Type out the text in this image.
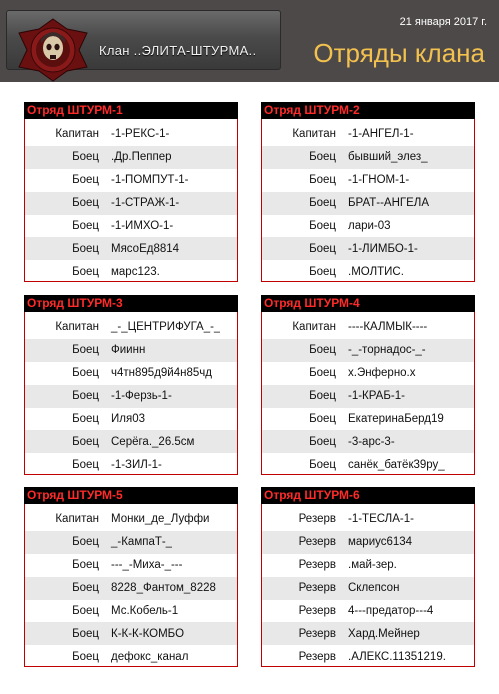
Клан ..ЭЛИТА-ШТУРМА..
21 января 2017 г.
Отряды клана
Отряд ШТУРМ-1
Капитан	-1-РЕКС-1-
Боец	.Др.Пеппер
Боец	-1-ПОМПУТ-1-
Боец	-1-СТРАЖ-1-
Боец	-1-ИМХО-1-
Боец	МясоЕд8814
Боец	марс123.
Отряд ШТУРМ-2
Капитан	-1-АНГЕЛ-1-
Боец	бывший_элез_
Боец	-1-ГНОМ-1-
Боец	БРАТ--АНГЕЛА
Боец	лари-03
Боец	-1-ЛИМБО-1-
Боец	.МОЛТИС.
Отряд ШТУРМ-3
Капитан	_-_ЦЕНТРИФУГА_-_
Боец	Фиинн
Боец	ч4тн895д9й4н85чд
Боец	-1-Ферзь-1-
Боец	Иля03
Боец	Серёга._26.5см
Боец	-1-ЗИЛ-1-
Отряд ШТУРМ-4
Капитан	----КАЛМЫК----
Боец	-_-торнадос-_-
Боец	х.Энферно.х
Боец	-1-КРАБ-1-
Боец	ЕкатеринаБерд19
Боец	-3-арс-3-
Боец	санёк_батёк39ру_
Отряд ШТУРМ-5
Капитан	Монки_де_Луффи
Боец	_-КампаТ-_
Боец	---_-Миха-_---
Боец	8228_Фантом_8228
Боец	Мс.Кобель-1
Боец	К-К-К-КОМБО
Боец	дефокс_канал
Отряд ШТУРМ-6
Резерв	-1-ТЕСЛА-1-
Резерв	мариус6134
Резерв	.май-зер.
Резерв	Склепсон
Резерв	4---предатор---4
Резерв	Хард.Мейнер
Резерв	.АЛЕКС.11351219.
